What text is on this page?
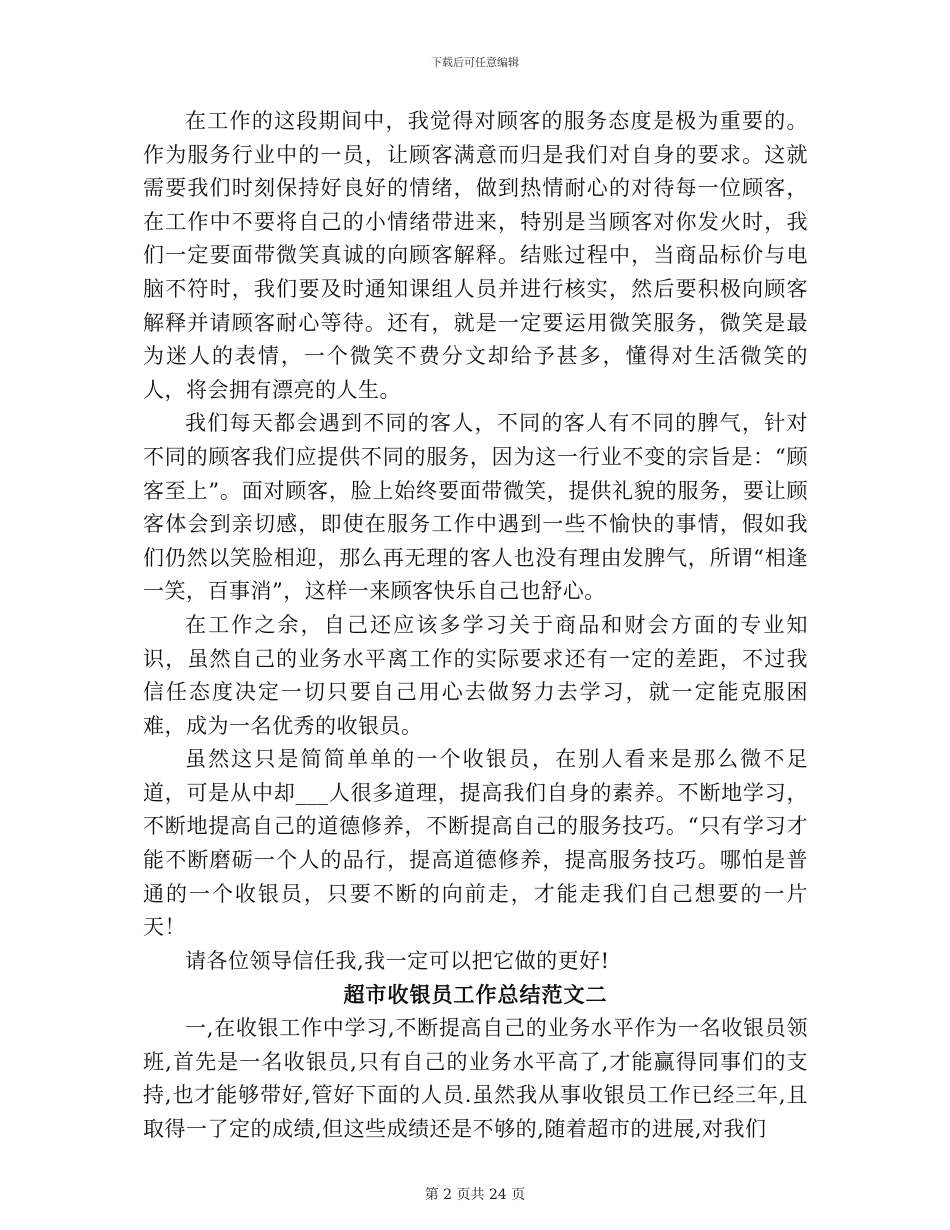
下载后可任意编辑

在工作的这段期间中，我觉得对顾客的服务态度是极为重要的。作为服务行业中的一员，让顾客满意而归是我们对自身的要求。这就需要我们时刻保持好良好的情绪，做到热情耐心的对待每一位顾客，在工作中不要将自己的小情绪带进来，特别是当顾客对你发火时，我们一定要面带微笑真诚的向顾客解释。结账过程中，当商品标价与电脑不符时，我们要及时通知课组人员并进行核实，然后要积极向顾客解释并请顾客耐心等待。还有，就是一定要运用微笑服务，微笑是最为迷人的表情，一个微笑不费分文却给予甚多，懂得对生活微笑的人，将会拥有漂亮的人生。

我们每天都会遇到不同的客人，不同的客人有不同的脾气，针对不同的顾客我们应提供不同的服务，因为这一行业不变的宗旨是：“顾客至上”。面对顾客，脸上始终要面带微笑，提供礼貌的服务，要让顾客体会到亲切感，即使在服务工作中遇到一些不愉快的事情，假如我们仍然以笑脸相迎，那么再无理的客人也没有理由发脾气，所谓“相逢一笑，百事消”，这样一来顾客快乐自己也舒心。

在工作之余，自己还应该多学习关于商品和财会方面的专业知识，虽然自己的业务水平离工作的实际要求还有一定的差距，不过我信任态度决定一切只要自己用心去做努力去学习，就一定能克服困难，成为一名优秀的收银员。

虽然这只是简简单单的一个收银员，在别人看来是那么微不足道，可是从中却___人很多道理，提高我们自身的素养。不断地学习，不断地提高自己的道德修养，不断提高自己的服务技巧。“只有学习才能不断磨砺一个人的品行，提高道德修养，提高服务技巧。哪怕是普通的一个收银员，只要不断的向前走，才能走我们自己想要的一片天！

请各位领导信任我,我一定可以把它做的更好!

超市收银员工作总结范文二

一,在收银工作中学习,不断提高自己的业务水平作为一名收银员领班,首先是一名收银员,只有自己的业务水平高了,才能赢得同事们的支持,也才能够带好,管好下面的人员.虽然我从事收银员工作已经三年,且取得一了定的成绩,但这些成绩还是不够的,随着超市的进展,对我们

第 2 页共 24 页
